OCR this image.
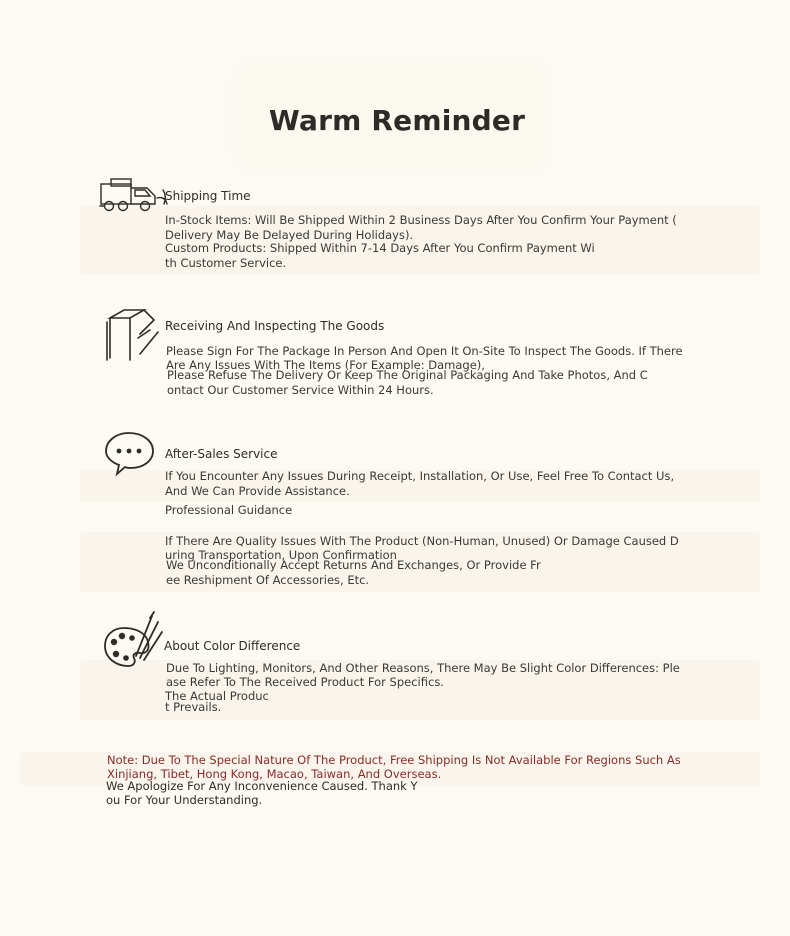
Warm Reminder
Shipping Time
In-Stock Items: Will Be Shipped Within 2 Business Days After You Confirm Your Payment (
Delivery May Be Delayed During Holidays).
Custom Products: Shipped Within 7-14 Days After You Confirm Payment Wi
th Customer Service.
Receiving And Inspecting The Goods
Please Sign For The Package In Person And Open It On-Site To Inspect The Goods. If There
Are Any Issues With The Items (For Example: Damage),
Please Refuse The Delivery Or Keep The Original Packaging And Take Photos, And C
ontact Our Customer Service Within 24 Hours.
After-Sales Service
If You Encounter Any Issues During Receipt, Installation, Or Use, Feel Free To Contact Us,
And We Can Provide Assistance.
Professional Guidance
If There Are Quality Issues With The Product (Non-Human, Unused) Or Damage Caused D
uring Transportation, Upon Confirmation
We Unconditionally Accept Returns And Exchanges, Or Provide Fr
ee Reshipment Of Accessories, Etc.
About Color Difference
Due To Lighting, Monitors, And Other Reasons, There May Be Slight Color Differences: Ple
ase Refer To The Received Product For Specifics.
The Actual Produc
t Prevails.
Note: Due To The Special Nature Of The Product, Free Shipping Is Not Available For Regions Such As
Xinjiang, Tibet, Hong Kong, Macao, Taiwan, And Overseas.
We Apologize For Any Inconvenience Caused. Thank Y
ou For Your Understanding.
